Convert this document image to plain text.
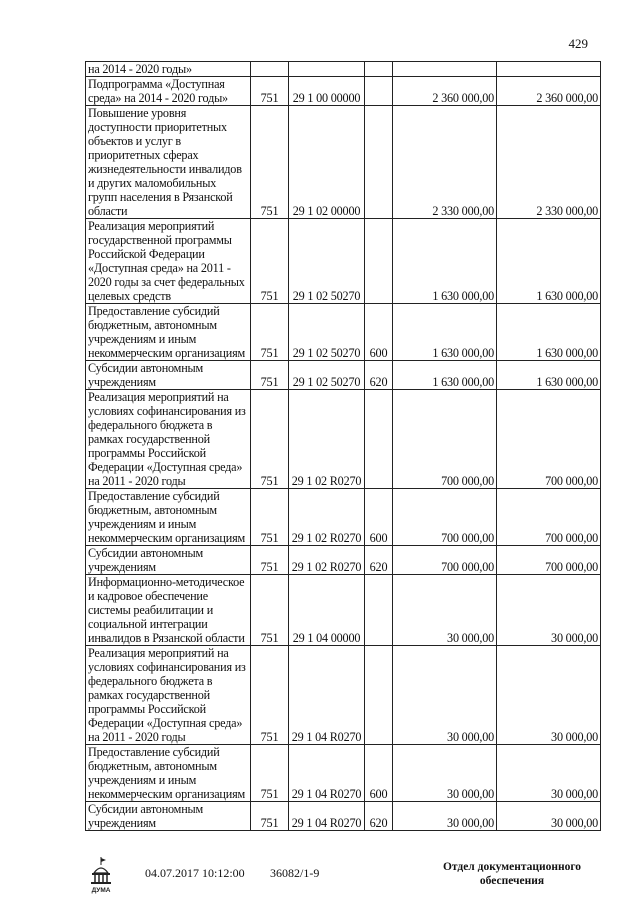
429
на 2014 - 2020 годы»					
Подпрограмма «Доступная среда» на 2014 - 2020 годы»	751	29 1 00 00000		2 360 000,00	2 360 000,00
Повышение уровня доступности приоритетных объектов и услуг в приоритетных сферах жизнедеятельности инвалидов и других маломобильных групп населения в Рязанской области	751	29 1 02 00000		2 330 000,00	2 330 000,00
Реализация мероприятий государственной программы Российской Федерации «Доступная среда» на 2011 - 2020 годы за счет федеральных целевых средств	751	29 1 02 50270		1 630 000,00	1 630 000,00
Предоставление субсидий бюджетным, автономным учреждениям и иным некоммерческим организациям	751	29 1 02 50270	600	1 630 000,00	1 630 000,00
Субсидии автономным учреждениям	751	29 1 02 50270	620	1 630 000,00	1 630 000,00
Реализация мероприятий на условиях софинансирования из федерального бюджета в рамках государственной программы Российской Федерации «Доступная среда» на 2011 - 2020 годы	751	29 1 02 R0270		700 000,00	700 000,00
Предоставление субсидий бюджетным, автономным учреждениям и иным некоммерческим организациям	751	29 1 02 R0270	600	700 000,00	700 000,00
Субсидии автономным учреждениям	751	29 1 02 R0270	620	700 000,00	700 000,00
Информационно-методическое и кадровое обеспечение системы реабилитации и социальной интеграции инвалидов в Рязанской области	751	29 1 04 00000		30 000,00	30 000,00
Реализация мероприятий на условиях софинансирования из федерального бюджета в рамках государственной программы Российской Федерации «Доступная среда» на 2011 - 2020 годы	751	29 1 04 R0270		30 000,00	30 000,00
Предоставление субсидий бюджетным, автономным учреждениям и иным некоммерческим организациям	751	29 1 04 R0270	600	30 000,00	30 000,00
Субсидии автономным учреждениям	751	29 1 04 R0270	620	30 000,00	30 000,00
ДУМА
04.07.2017 10:12:00 36082/1-9	Отдел документационного
обеспечения
